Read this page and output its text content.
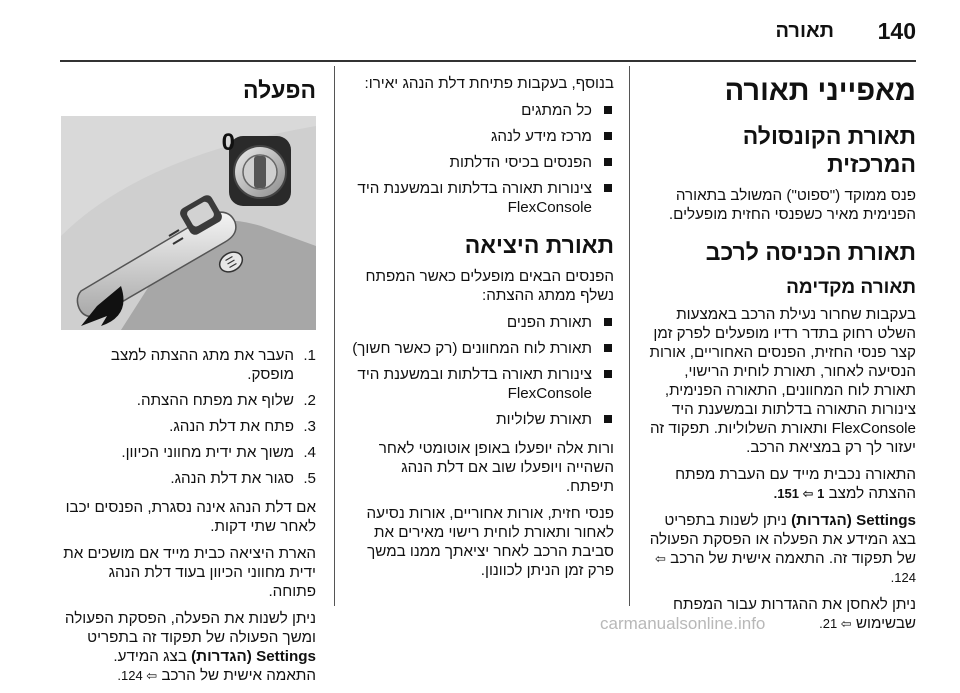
140
תאורה
מאפייני תאורה
תאורת הקונסולה המרכזית

פנס ממוקד ("ספוט") המשולב בתאורה הפנימית מאיר כשפנסי החזית מופעלים.

תאורת הכניסה לרכב
תאורה מקדימה

בעקבות שחרור נעילת הרכב באמצעות השלט רחוק בתדר רדיו מופעלים לפרק זמן קצר פנסי החזית, הפנסים האחוריים, אורות הנסיעה לאחור, תאורת לוחית הרישוי, תאורת לוח המחוונים, התאורה הפנימית, צינורות התאורה בדלתות ובמשענת היד FlexConsole ותאורת השלוליות. תפקוד זה יעזור לך רק במציאת הרכב.

התאורה נכבית מייד עם העברת מפתח ההצתה למצב 1 ⇦ 151.

Settings (הגדרות) ניתן לשנות בתפריט בצג המידע את הפעלה או הפסקת הפעולה של תפקוד זה. התאמה אישית של הרכב ⇦ 124.

ניתן לאחסן את ההגדרות עבור המפתח שבשימוש ⇦ 21.

בנוסף, בעקבות פתיחת דלת הנהג יאירו:

כל המתגים
מרכז מידע לנהג
הפנסים בכיסי הדלתות
צינורות תאורה בדלתות ובמשענת היד FlexConsole
תאורת היציאה

הפנסים הבאים מופעלים כאשר המפתח נשלף ממתג ההצתה:

תאורת הפנים
תאורת לוח המחוונים (רק כאשר חשוך)
צינורות תאורה בדלתות ובמשענת היד FlexConsole
תאורת שלוליות

ורות אלה יופעלו באופן אוטומטי לאחר השהייה ויופעלו שוב אם דלת הנהג תיפתח.

פנסי חזית, אורות אחוריים, אורות נסיעה לאחור ותאורת לוחית רישוי מאירים את סביבת הרכב לאחר יציאתך ממנו במשך פרק זמן הניתן לכוונון.

הפעלה
0
1.
העבר את מתג ההצתה למצב מופסק.
2.
שלוף את מפתח ההצתה.
3.
פתח את דלת הנהג.
4.
משוך את ידית מחווני הכיוון.
5.
סגור את דלת הנהג.

אם דלת הנהג אינה נסגרת, הפנסים יכבו לאחר שתי דקות.

הארת היציאה כבית מייד אם מושכים את ידית מחווני הכיוון בעוד דלת הנהג פתוחה.

ניתן לשנות את הפעלה, הפסקת הפעולה ומשך הפעולה של תפקוד זה בתפריט Settings (הגדרות) בצג המידע. התאמה אישית של הרכב ⇦ 124.

carmanualsonline.info
